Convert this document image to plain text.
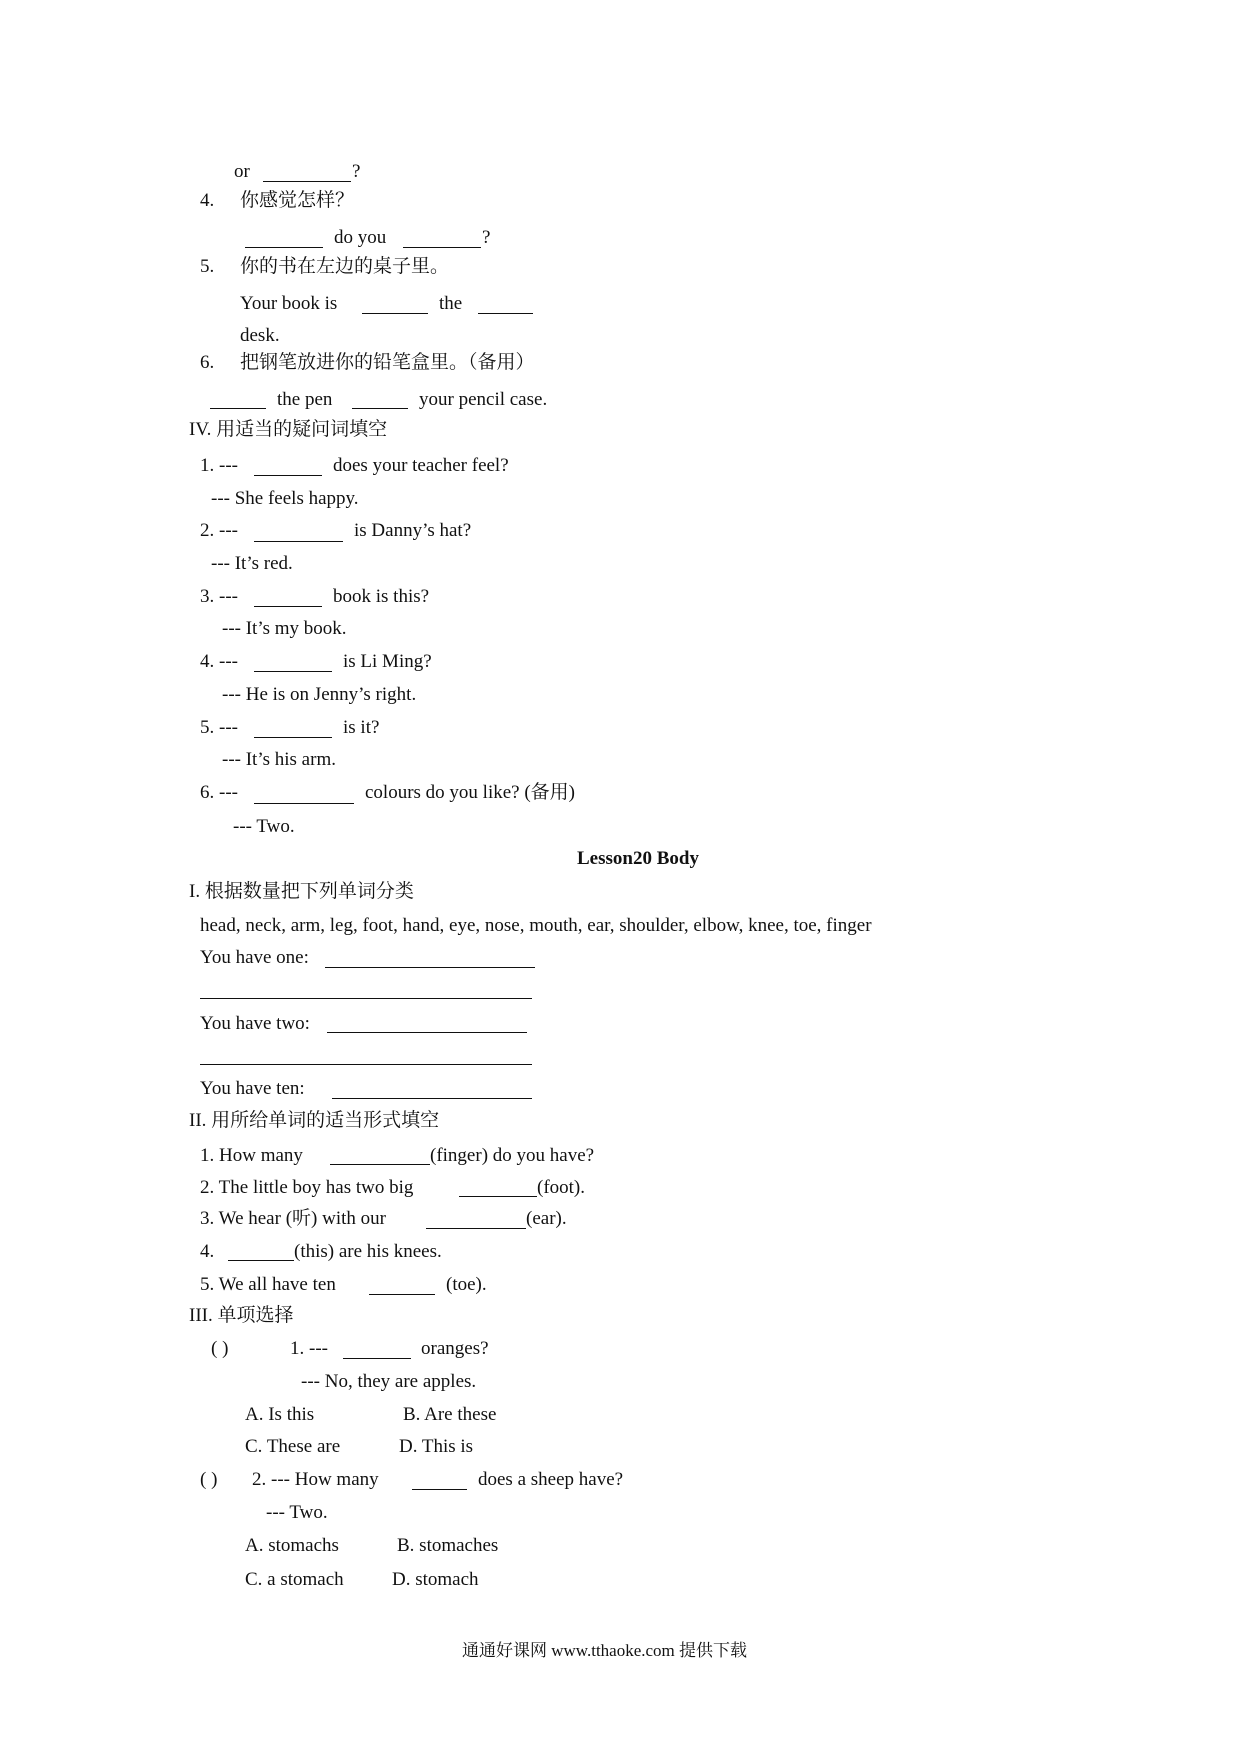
or	?
4. 你感觉怎样？
do you	?
5. 你的书在左边的桌子里。
Your book is	the
desk.
6. 把钢笔放进你的铅笔盒里。（备用）
the pen	your pencil case.
IV. 用适当的疑问词填空
1. ---	does your teacher feel?
--- She feels happy.
2. ---	is Danny’s hat?
--- It’s red.
3. ---	book is this?
--- It’s my book.
4. ---	is Li Ming?
--- He is on Jenny’s right.
5. ---	is it?
--- It’s his arm.
6. ---	colours do you like? (备用)
--- Two.
Lesson20 Body
I. 根据数量把下列单词分类
head, neck, arm, leg, foot, hand, eye, nose, mouth, ear, shoulder, elbow, knee, toe, finger
You have one:
You have two:
You have ten:
II. 用所给单词的适当形式填空
1. How many	(finger) do you have?
2. The little boy has two big	(foot).
3. We hear (听) with our	(ear).
4.	(this) are his knees.
5. We all have ten	(toe).
III. 单项选择
( )	1. ---	oranges?
--- No, they are apples.
A. Is this	B. Are these
C. These are	D. This is
( ) 2. --- How many	does a sheep have?
--- Two.
A. stomachs	B. stomaches
C. a stomach	D. stomach
通通好课网 www.tthaoke.com 提供下载
